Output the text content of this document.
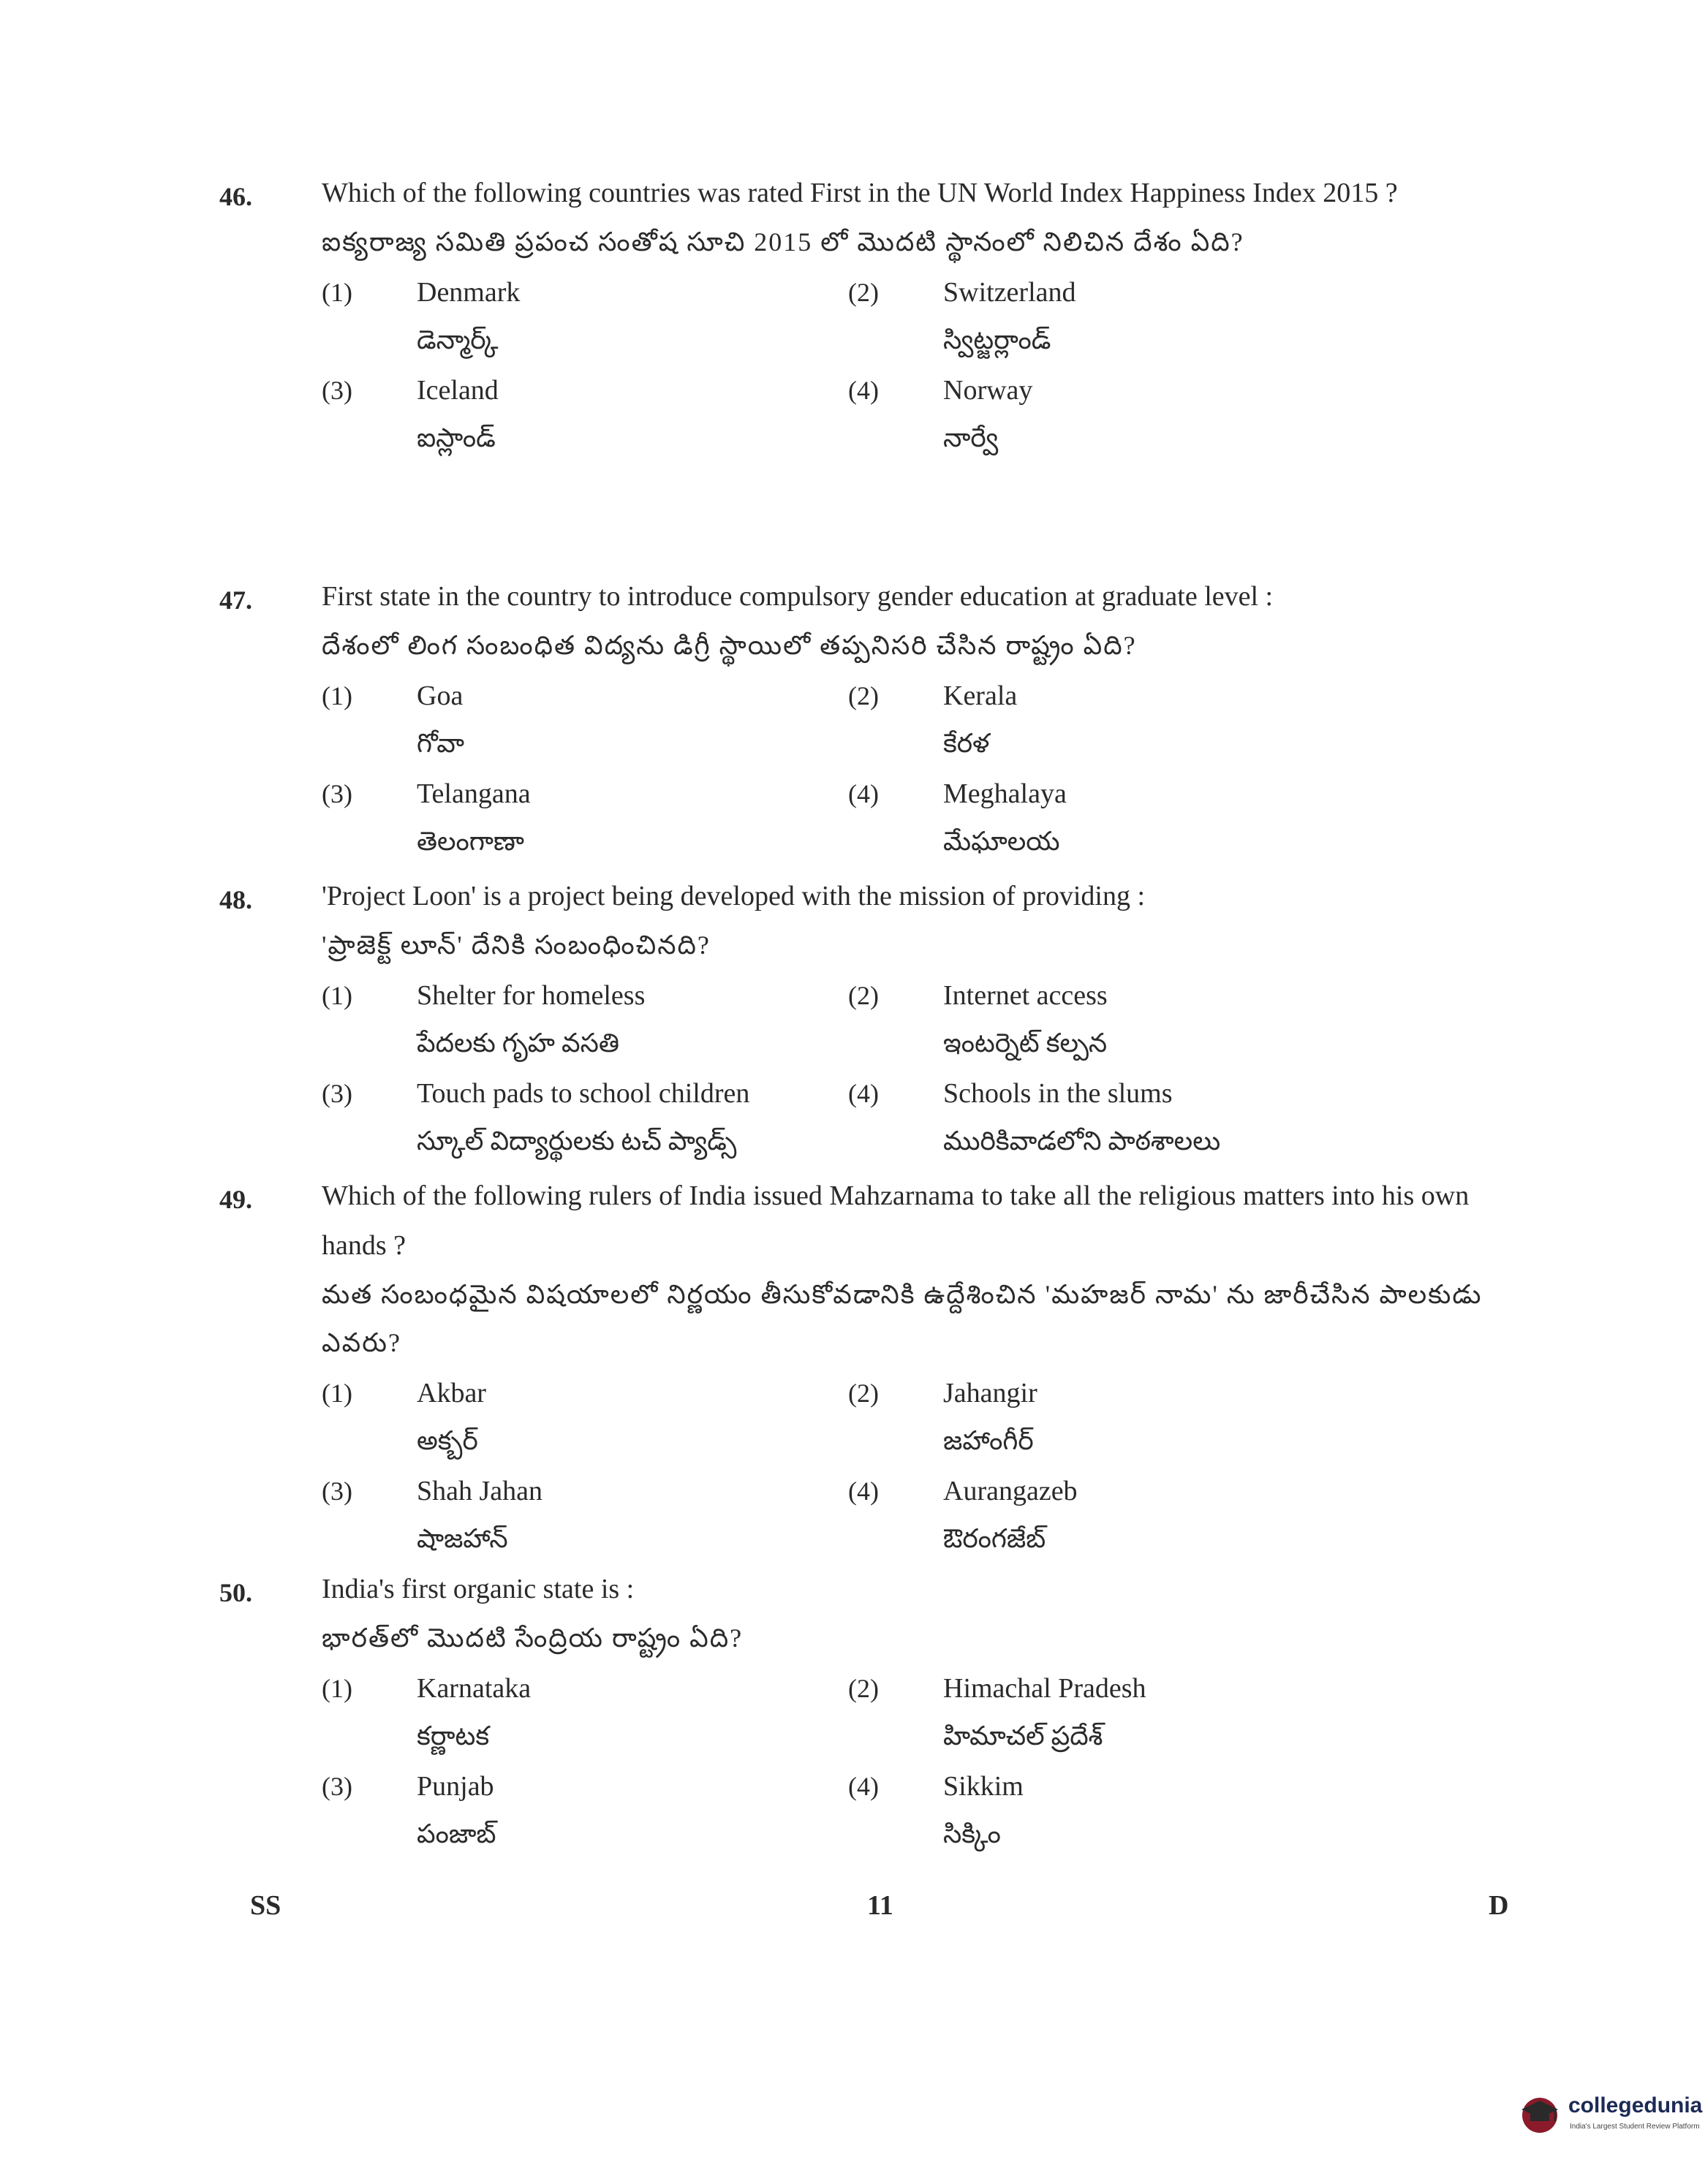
46.	Which of the following countries was rated First in the UN World Index Happiness Index 2015 ?
ఐక్యరాజ్య సమితి ప్రపంచ సంతోష సూచి 2015 లో మొదటి స్థానంలో నిలిచిన దేశం ఏది?
(1)	Denmark
డెన్మార్క్
(2)	Switzerland
స్విట్జర్లాండ్
(3)	Iceland
ఐస్లాండ్
(4)	Norway
నార్వే
47.	First state in the country to introduce compulsory gender education at graduate level :
దేశంలో లింగ సంబంధిత విద్యను డిగ్రీ స్థాయిలో తప్పనిసరి చేసిన రాష్ట్రం ఏది?
(1)	Goa
గోవా
(2)	Kerala
కేరళ
(3)	Telangana
తెలంగాణా
(4)	Meghalaya
మేఘాలయ
48.	'Project Loon' is a project being developed with the mission of providing :
'ప్రాజెక్ట్ లూన్' దేనికి సంబంధించినది?
(1)	Shelter for homeless
పేదలకు గృహ వసతి
(2)	Internet access
ఇంటర్నెట్ కల్పన
(3)	Touch pads to school children
స్కూల్ విద్యార్థులకు టచ్ ప్యాడ్స్
(4)	Schools in the slums
మురికివాడలోని పాఠశాలలు
49.	Which of the following rulers of India issued Mahzarnama to take all the religious matters into his own hands ?
మత సంబంధమైన విషయాలలో నిర్ణయం తీసుకోవడానికి ఉద్దేశించిన 'మహజర్ నామ' ను జారీచేసిన పాలకుడు ఎవరు?
(1)	Akbar
అక్బర్
(2)	Jahangir
జహాంగీర్
(3)	Shah Jahan
షాజహాన్
(4)	Aurangazeb
ఔరంగజేబ్
50.	India's first organic state is :
భారత్‌లో మొదటి సేంద్రియ రాష్ట్రం ఏది?
(1)	Karnataka
కర్ణాటక
(2)	Himachal Pradesh
హిమాచల్ ప్రదేశ్
(3)	Punjab
పంజాబ్
(4)	Sikkim
సిక్కిం
SS	11	D
collegedunia
India's Largest Student Review Platform
